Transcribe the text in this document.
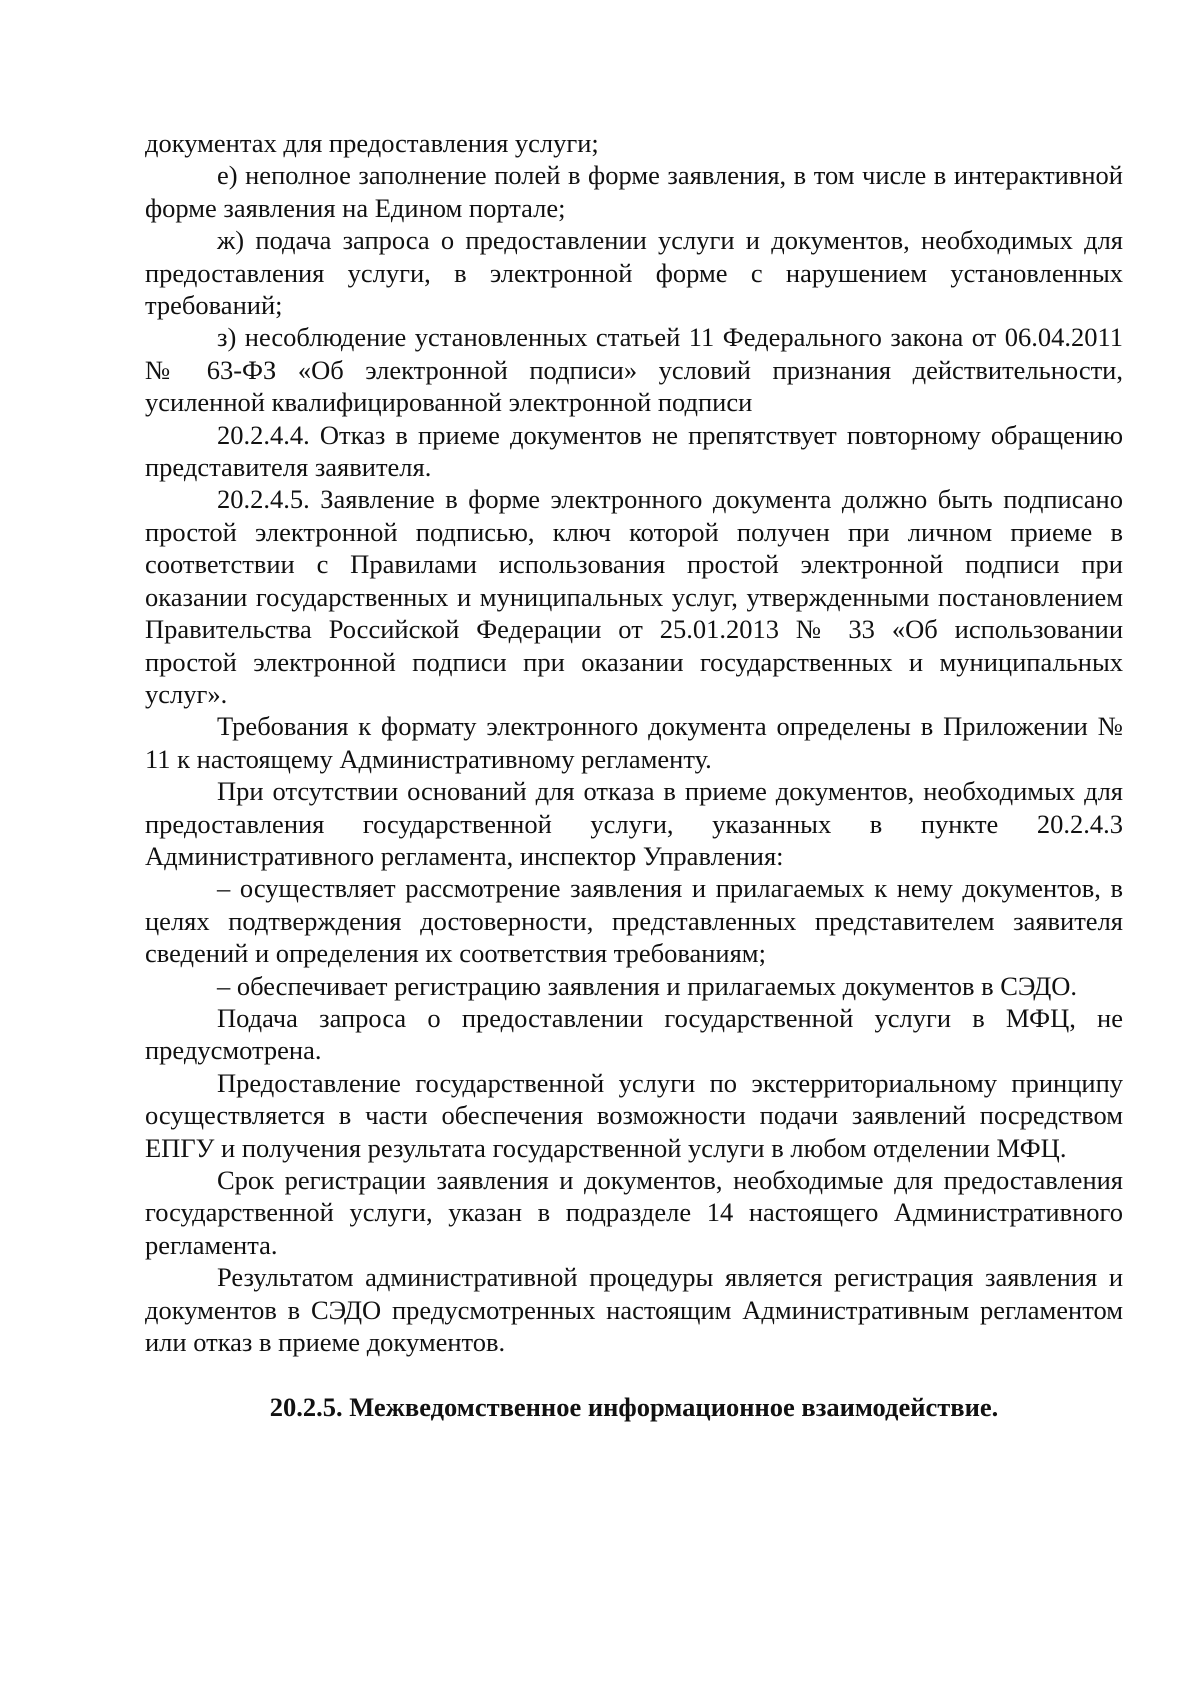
документах для предоставления услуги;

е) неполное заполнение полей в форме заявления, в том числе в интерактивной форме заявления на Едином портале;

ж) подача запроса о предоставлении услуги и документов, необходимых для предоставления услуги, в электронной форме с нарушением установленных требований;

з) несоблюдение установленных статьей 11 Федерального закона от 06.04.2011 № 63-ФЗ «Об электронной подписи» условий признания действительности, усиленной квалифицированной электронной подписи

20.2.4.4. Отказ в приеме документов не препятствует повторному обращению представителя заявителя.

20.2.4.5. Заявление в форме электронного документа должно быть подписано простой электронной подписью, ключ которой получен при личном приеме в соответствии с Правилами использования простой электронной подписи при оказании государственных и муниципальных услуг, утвержденными постановлением Правительства Российской Федерации от 25.01.2013 № 33 «Об использовании простой электронной подписи при оказании государственных и муниципальных услуг».

Требования к формату электронного документа определены в Приложении № 11 к настоящему Административному регламенту.

При отсутствии оснований для отказа в приеме документов, необходимых для предоставления государственной услуги, указанных в пункте 20.2.4.3 Административного регламента, инспектор Управления:

– осуществляет рассмотрение заявления и прилагаемых к нему документов, в целях подтверждения достоверности, представленных представителем заявителя сведений и определения их соответствия требованиям;

– обеспечивает регистрацию заявления и прилагаемых документов в СЭДО.

Подача запроса о предоставлении государственной услуги в МФЦ, не предусмотрена.

Предоставление государственной услуги по экстерриториальному принципу осуществляется в части обеспечения возможности подачи заявлений посредством ЕПГУ и получения результата государственной услуги в любом отделении МФЦ.

Срок регистрации заявления и документов, необходимые для предоставления государственной услуги, указан в подразделе 14 настоящего Административного регламента.

Результатом административной процедуры является регистрация заявления и документов в СЭДО предусмотренных настоящим Административным регламентом или отказ в приеме документов.

20.2.5. Межведомственное информационное взаимодействие.
